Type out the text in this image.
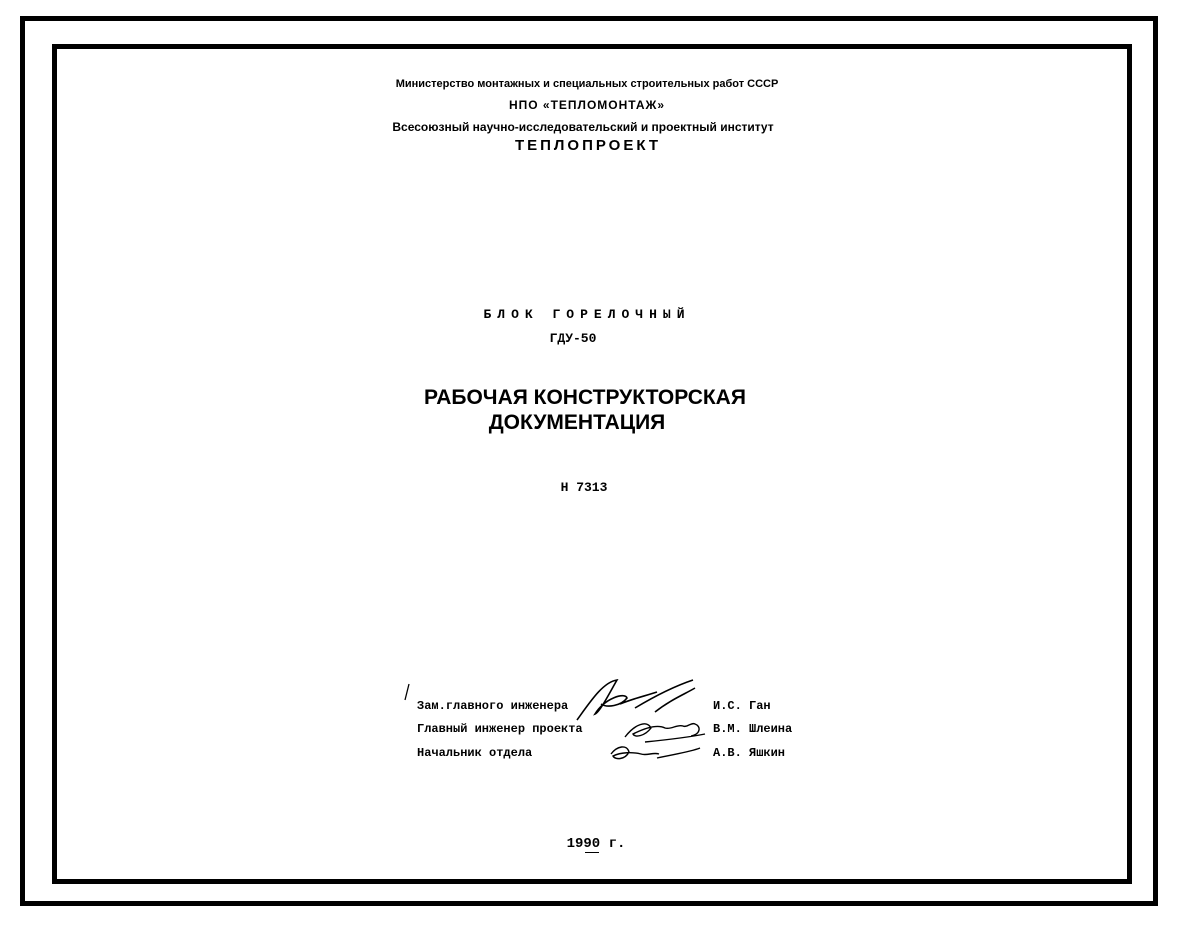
Министерство монтажных и специальных строительных работ СССР
НПО «ТЕПЛОМОНТАЖ»
Всесоюзный научно-исследовательский и проектный институт
ТЕПЛОПРОЕКТ
БЛОК ГОРЕЛОЧНЫЙ
ГДУ-50
РАБОЧАЯ КОНСТРУКТОРСКАЯ
ДОКУМЕНТАЦИЯ
Н 7313
Зам.главного инженера	И.С. Ган
Главный инженер проекта	В.М. Шлеина
Начальник отдела	А.В. Яшкин
1990 г.
